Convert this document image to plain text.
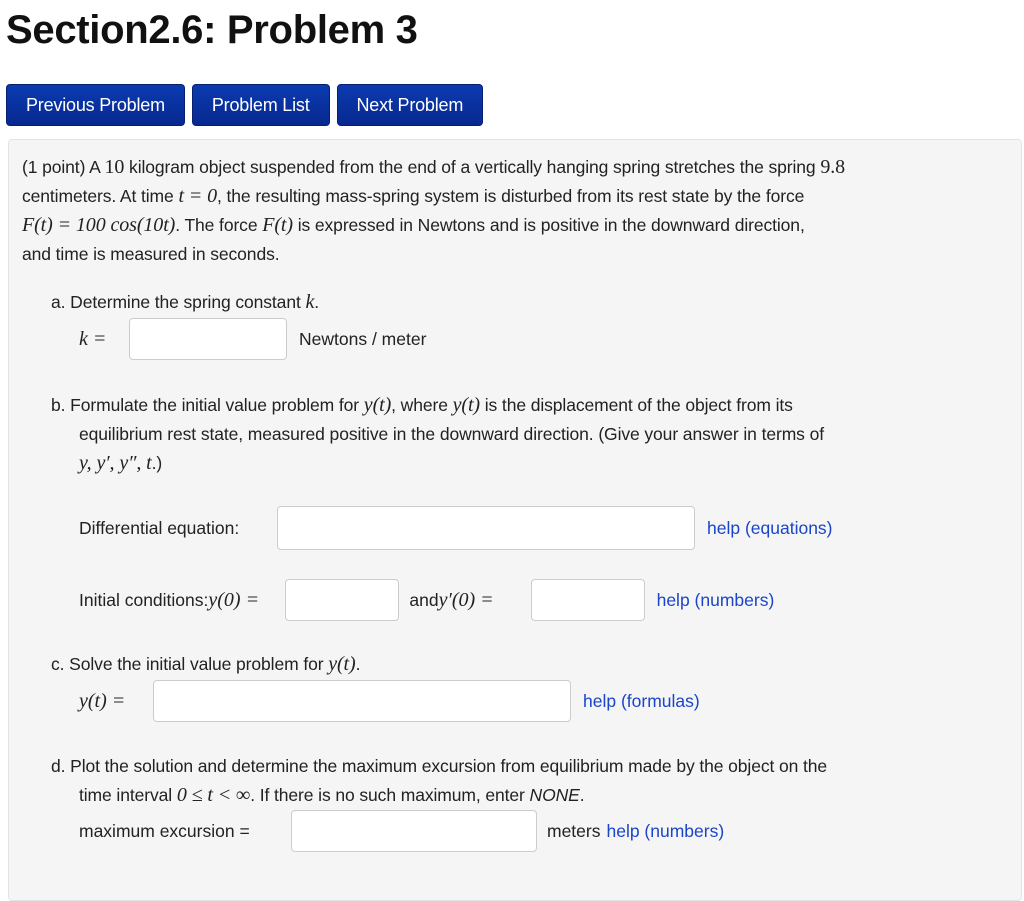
Section2.6: Problem 3
Previous Problem	Problem List	Next Problem
(1 point) A 10 kilogram object suspended from the end of a vertically hanging spring stretches the spring 9.8
centimeters. At time t = 0, the resulting mass-spring system is disturbed from its rest state by the force
F(t) = 100 cos(10t). The force F(t) is expressed in Newtons and is positive in the downward direction,
and time is measured in seconds.
a. Determine the spring constant k.
k =	Newtons / meter
b. Formulate the initial value problem for y(t), where y(t) is the displacement of the object from its
equilibrium rest state, measured positive in the downward direction. (Give your answer in terms of
y, y′, y″, t.)
Differential equation:	help (equations)
Initial conditions: y(0) =	and y′(0) =	help (numbers)
c. Solve the initial value problem for y(t).
y(t) =	help (formulas)
d. Plot the solution and determine the maximum excursion from equilibrium made by the object on the
time interval 0 ≤ t < ∞. If there is no such maximum, enter NONE.
maximum excursion =	meters help (numbers)
